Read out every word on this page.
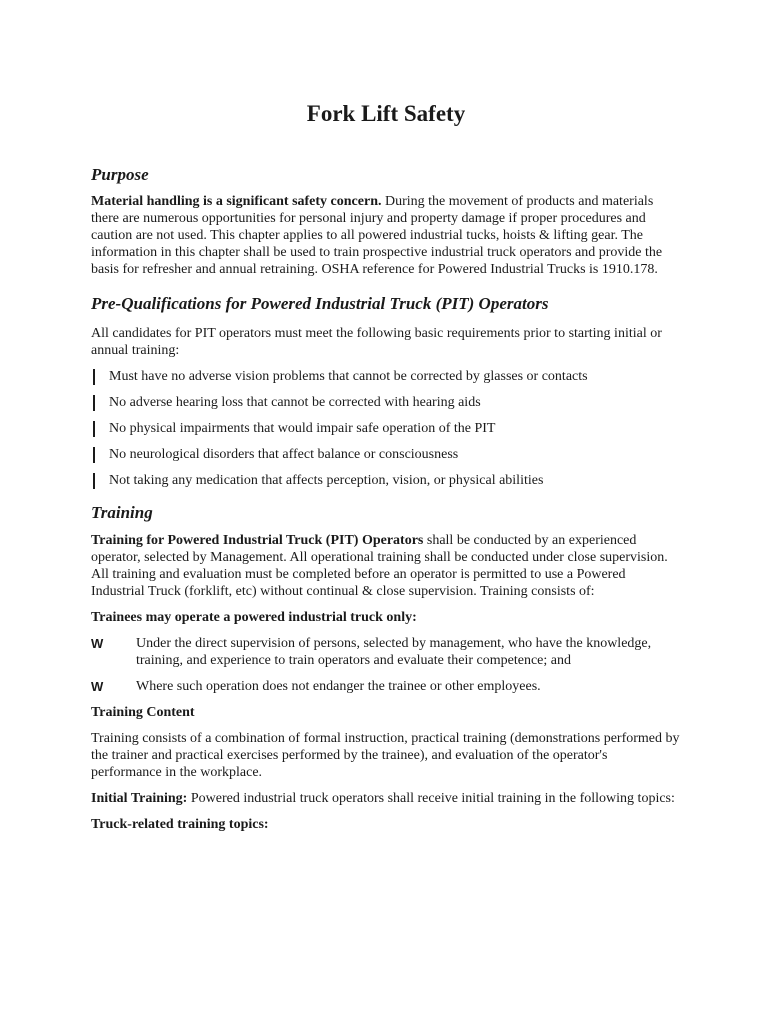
Fork Lift Safety
Purpose

Material handling is a significant safety concern. During the movement of products and materials there are numerous opportunities for personal injury and property damage if proper procedures and caution are not used. This chapter applies to all powered industrial tucks, hoists & lifting gear. The information in this chapter shall be used to train prospective industrial truck operators and provide the basis for refresher and annual retraining. OSHA reference for Powered Industrial Trucks is 1910.178.

Pre-Qualifications for Powered Industrial Truck (PIT) Operators

All candidates for PIT operators must meet the following basic requirements prior to starting initial or annual training:

Must have no adverse vision problems that cannot be corrected by glasses or contacts
No adverse hearing loss that cannot be corrected with hearing aids
No physical impairments that would impair safe operation of the PIT
No neurological disorders that affect balance or consciousness
Not taking any medication that affects perception, vision, or physical abilities
Training

Training for Powered Industrial Truck (PIT) Operators shall be conducted by an experienced operator, selected by Management. All operational training shall be conducted under close supervision. All training and evaluation must be completed before an operator is permitted to use a Powered Industrial Truck (forklift, etc) without continual & close supervision. Training consists of:

Trainees may operate a powered industrial truck only:

W Under the direct supervision of persons, selected by management, who have the knowledge, training, and experience to train operators and evaluate their competence; and
W Where such operation does not endanger the trainee or other employees.

Training Content

Training consists of a combination of formal instruction, practical training (demonstrations performed by the trainer and practical exercises performed by the trainee), and evaluation of the operator's performance in the workplace.

Initial Training: Powered industrial truck operators shall receive initial training in the following topics:

Truck-related training topics:
